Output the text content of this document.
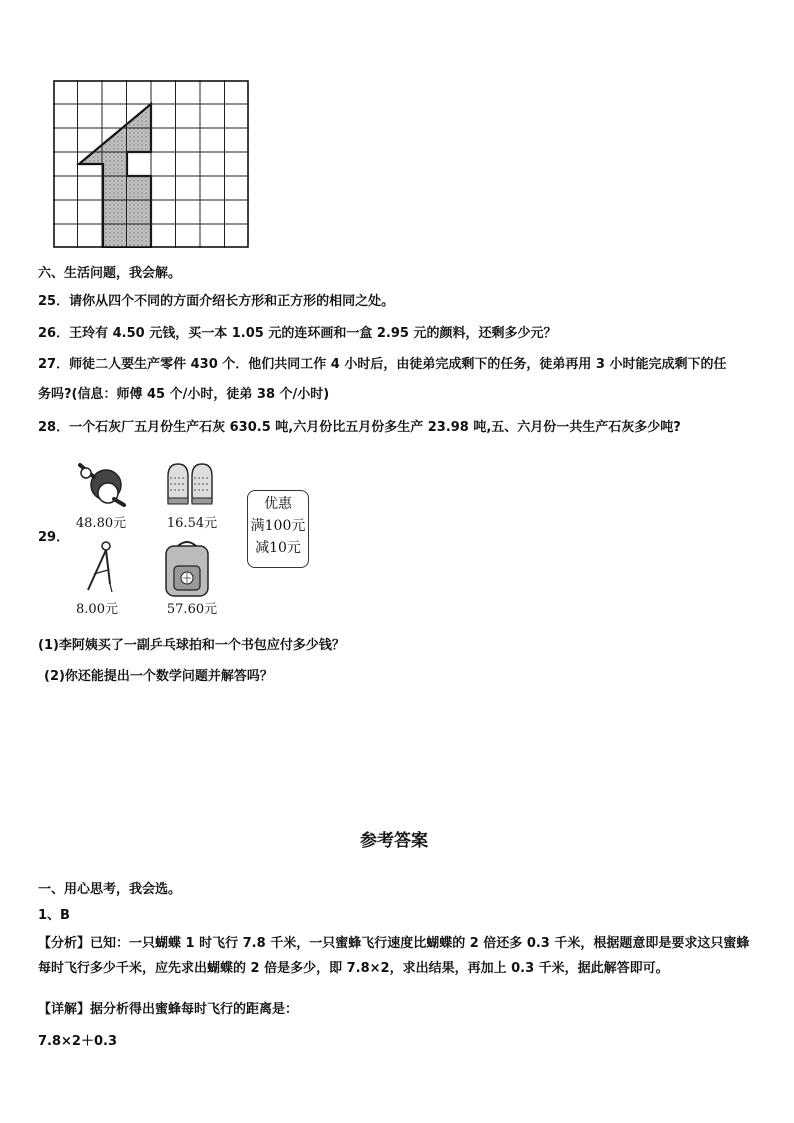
六、生活问题，我会解。
25．请你从四个不同的方面介绍长方形和正方形的相同之处。
26．王玲有 4.50 元钱，买一本 1.05 元的连环画和一盒 2.95 元的颜料，还剩多少元？
27．师徒二人要生产零件 430 个．他们共同工作 4 小时后，由徒弟完成剩下的任务，徒弟再用 3 小时能完成剩下的任
务吗?(信息：师傅 45 个/小时，徒弟 38 个/小时)
28．一个石灰厂五月份生产石灰 630.5 吨,六月份比五月份多生产 23.98 吨,五、六月份一共生产石灰多少吨?
29．
48.80元	16.54元
8.00元	57.60元
优惠
满100元
减10元
(1)李阿姨买了一副乒乓球拍和一个书包应付多少钱？
(2)你还能提出一个数学问题并解答吗？
参考答案
一、用心思考，我会选。
1、B
【分析】已知：一只蝴蝶 1 时飞行 7.8 千米，一只蜜蜂飞行速度比蝴蝶的 2 倍还多 0.3 千米，根据题意即是要求这只蜜蜂每时飞行多少千米，应先求出蝴蝶的 2 倍是多少，即 7.8×2，求出结果，再加上 0.3 千米，据此解答即可。
【详解】据分析得出蜜蜂每时飞行的距离是：
7.8×2＋0.3
